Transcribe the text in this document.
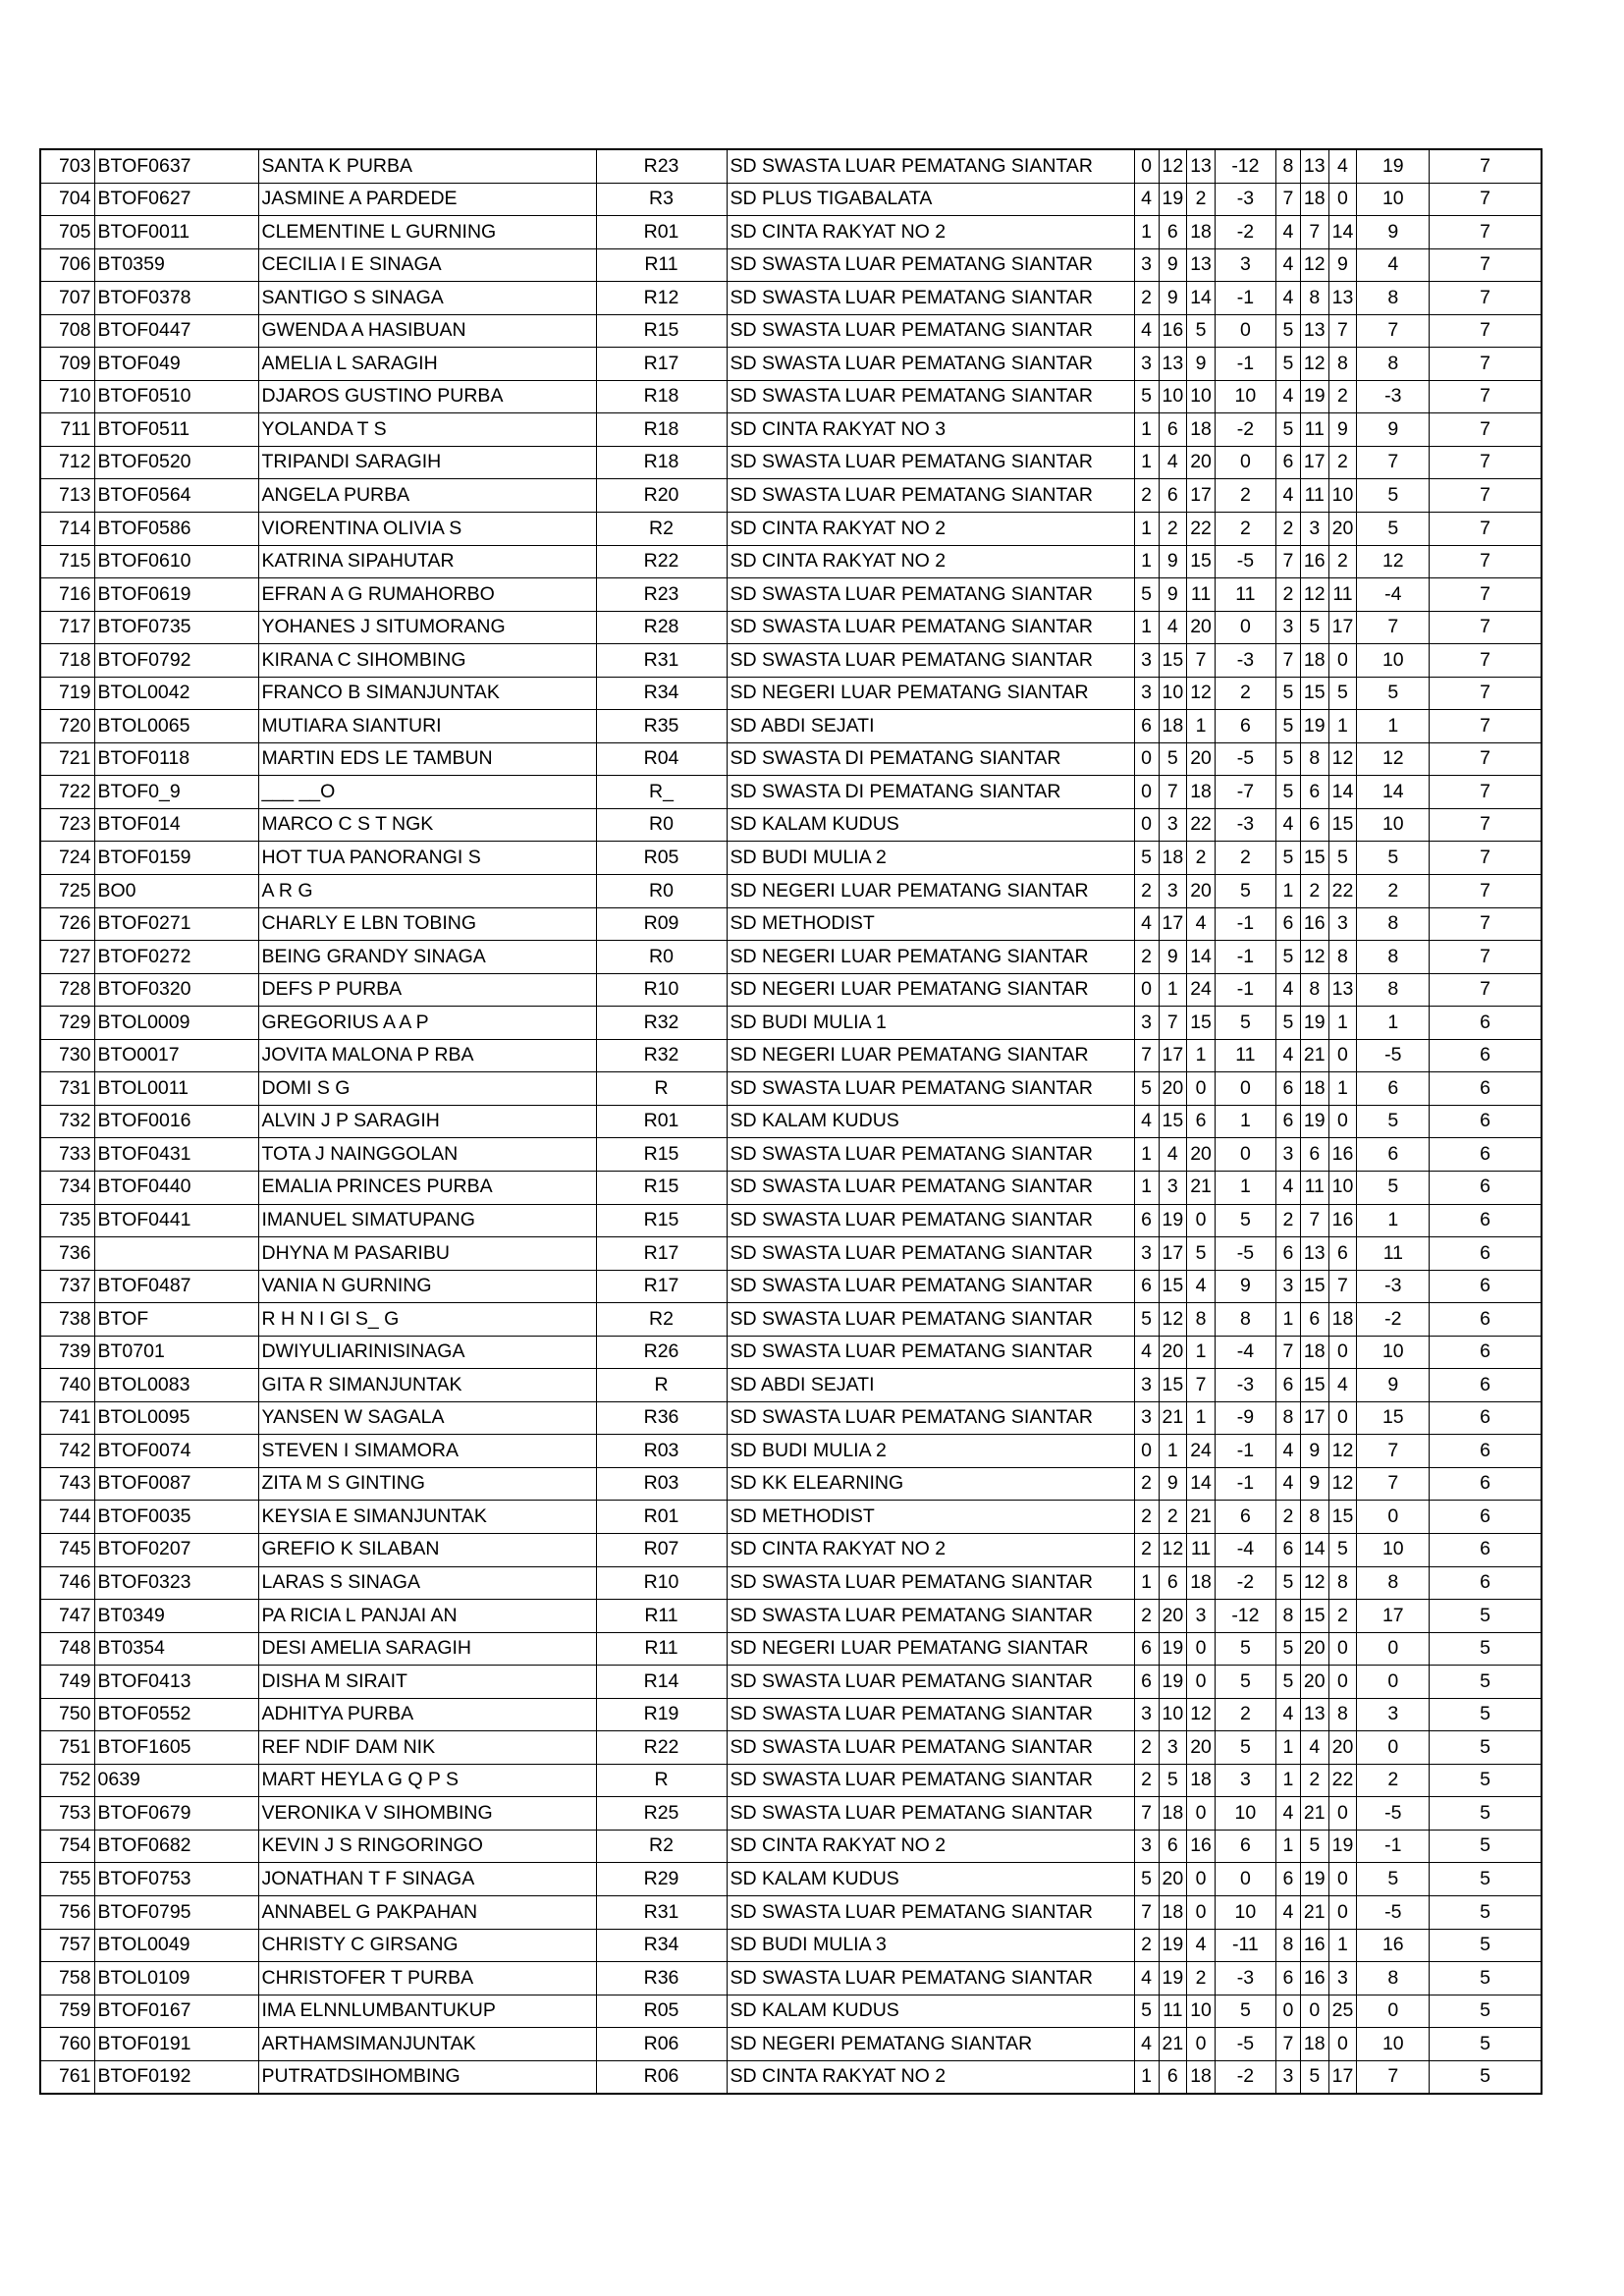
703	BTOF0637	SANTA K PURBA	R23	SD SWASTA LUAR PEMATANG SIANTAR	0	12	13	-12	8	13	4	19	7
704	BTOF0627	JASMINE A PARDEDE	R3	SD PLUS TIGABALATA	4	19	2	-3	7	18	0	10	7
705	BTOF0011	CLEMENTINE L GURNING	R01	SD CINTA RAKYAT NO 2	1	6	18	-2	4	7	14	9	7
706	BT0359	CECILIA I E SINAGA	R11	SD SWASTA LUAR PEMATANG SIANTAR	3	9	13	3	4	12	9	4	7
707	BTOF0378	SANTIGO S SINAGA	R12	SD SWASTA LUAR PEMATANG SIANTAR	2	9	14	-1	4	8	13	8	7
708	BTOF0447	GWENDA A HASIBUAN	R15	SD SWASTA LUAR PEMATANG SIANTAR	4	16	5	0	5	13	7	7	7
709	BTOF049	AMELIA L SARAGIH	R17	SD SWASTA LUAR PEMATANG SIANTAR	3	13	9	-1	5	12	8	8	7
710	BTOF0510	DJAROS GUSTINO PURBA	R18	SD SWASTA LUAR PEMATANG SIANTAR	5	10	10	10	4	19	2	-3	7
711	BTOF0511	YOLANDA T S	R18	SD CINTA RAKYAT NO 3	1	6	18	-2	5	11	9	9	7
712	BTOF0520	TRIPANDI SARAGIH	R18	SD SWASTA LUAR PEMATANG SIANTAR	1	4	20	0	6	17	2	7	7
713	BTOF0564	ANGELA PURBA	R20	SD SWASTA LUAR PEMATANG SIANTAR	2	6	17	2	4	11	10	5	7
714	BTOF0586	VIORENTINA OLIVIA S	R2	SD CINTA RAKYAT NO 2	1	2	22	2	2	3	20	5	7
715	BTOF0610	KATRINA SIPAHUTAR	R22	SD CINTA RAKYAT NO 2	1	9	15	-5	7	16	2	12	7
716	BTOF0619	EFRAN A G RUMAHORBO	R23	SD SWASTA LUAR PEMATANG SIANTAR	5	9	11	11	2	12	11	-4	7
717	BTOF0735	YOHANES J SITUMORANG	R28	SD SWASTA LUAR PEMATANG SIANTAR	1	4	20	0	3	5	17	7	7
718	BTOF0792	KIRANA C SIHOMBING	R31	SD SWASTA LUAR PEMATANG SIANTAR	3	15	7	-3	7	18	0	10	7
719	BTOL0042	FRANCO B SIMANJUNTAK	R34	SD NEGERI LUAR PEMATANG SIANTAR	3	10	12	2	5	15	5	5	7
720	BTOL0065	MUTIARA SIANTURI	R35	SD ABDI SEJATI	6	18	1	6	5	19	1	1	7
721	BTOF0118	MARTIN EDS LE TAMBUN	R04	SD SWASTA DI PEMATANG SIANTAR	0	5	20	-5	5	8	12	12	7
722	BTOF0_9	___ __O	R_	SD SWASTA DI PEMATANG SIANTAR	0	7	18	-7	5	6	14	14	7
723	BTOF014	MARCO C S T NGK	R0	SD KALAM KUDUS	0	3	22	-3	4	6	15	10	7
724	BTOF0159	HOT TUA PANORANGI S	R05	SD BUDI MULIA 2	5	18	2	2	5	15	5	5	7
725	BO0	A R G	R0	SD NEGERI LUAR PEMATANG SIANTAR	2	3	20	5	1	2	22	2	7
726	BTOF0271	CHARLY E LBN TOBING	R09	SD METHODIST	4	17	4	-1	6	16	3	8	7
727	BTOF0272	BEING GRANDY SINAGA	R0	SD NEGERI LUAR PEMATANG SIANTAR	2	9	14	-1	5	12	8	8	7
728	BTOF0320	DEFS P PURBA	R10	SD NEGERI LUAR PEMATANG SIANTAR	0	1	24	-1	4	8	13	8	7
729	BTOL0009	GREGORIUS A A P	R32	SD BUDI MULIA 1	3	7	15	5	5	19	1	1	6
730	BTO0017	JOVITA MALONA P RBA	R32	SD NEGERI LUAR PEMATANG SIANTAR	7	17	1	11	4	21	0	-5	6
731	BTOL0011	DOMI S G	R	SD SWASTA LUAR PEMATANG SIANTAR	5	20	0	0	6	18	1	6	6
732	BTOF0016	ALVIN J P SARAGIH	R01	SD KALAM KUDUS	4	15	6	1	6	19	0	5	6
733	BTOF0431	TOTA J NAINGGOLAN	R15	SD SWASTA LUAR PEMATANG SIANTAR	1	4	20	0	3	6	16	6	6
734	BTOF0440	EMALIA PRINCES PURBA	R15	SD SWASTA LUAR PEMATANG SIANTAR	1	3	21	1	4	11	10	5	6
735	BTOF0441	IMANUEL SIMATUPANG	R15	SD SWASTA LUAR PEMATANG SIANTAR	6	19	0	5	2	7	16	1	6
736		DHYNA M PASARIBU	R17	SD SWASTA LUAR PEMATANG SIANTAR	3	17	5	-5	6	13	6	11	6
737	BTOF0487	VANIA N GURNING	R17	SD SWASTA LUAR PEMATANG SIANTAR	6	15	4	9	3	15	7	-3	6
738	BTOF	R H N I GI S_ G	R2	SD SWASTA LUAR PEMATANG SIANTAR	5	12	8	8	1	6	18	-2	6
739	BT0701	DWIYULIARINISINAGA	R26	SD SWASTA LUAR PEMATANG SIANTAR	4	20	1	-4	7	18	0	10	6
740	BTOL0083	GITA R SIMANJUNTAK	R	SD ABDI SEJATI	3	15	7	-3	6	15	4	9	6
741	BTOL0095	YANSEN W SAGALA	R36	SD SWASTA LUAR PEMATANG SIANTAR	3	21	1	-9	8	17	0	15	6
742	BTOF0074	STEVEN I SIMAMORA	R03	SD BUDI MULIA 2	0	1	24	-1	4	9	12	7	6
743	BTOF0087	ZITA M S GINTING	R03	SD KK ELEARNING	2	9	14	-1	4	9	12	7	6
744	BTOF0035	KEYSIA E SIMANJUNTAK	R01	SD METHODIST	2	2	21	6	2	8	15	0	6
745	BTOF0207	GREFIO K SILABAN	R07	SD CINTA RAKYAT NO 2	2	12	11	-4	6	14	5	10	6
746	BTOF0323	LARAS S SINAGA	R10	SD SWASTA LUAR PEMATANG SIANTAR	1	6	18	-2	5	12	8	8	6
747	BT0349	PA RICIA L PANJAI AN	R11	SD SWASTA LUAR PEMATANG SIANTAR	2	20	3	-12	8	15	2	17	5
748	BT0354	DESI AMELIA SARAGIH	R11	SD NEGERI LUAR PEMATANG SIANTAR	6	19	0	5	5	20	0	0	5
749	BTOF0413	DISHA M SIRAIT	R14	SD SWASTA LUAR PEMATANG SIANTAR	6	19	0	5	5	20	0	0	5
750	BTOF0552	ADHITYA PURBA	R19	SD SWASTA LUAR PEMATANG SIANTAR	3	10	12	2	4	13	8	3	5
751	BTOF1605	REF NDIF DAM NIK	R22	SD SWASTA LUAR PEMATANG SIANTAR	2	3	20	5	1	4	20	0	5
752	0639	MART HEYLA G Q P S	R	SD SWASTA LUAR PEMATANG SIANTAR	2	5	18	3	1	2	22	2	5
753	BTOF0679	VERONIKA V SIHOMBING	R25	SD SWASTA LUAR PEMATANG SIANTAR	7	18	0	10	4	21	0	-5	5
754	BTOF0682	KEVIN J S RINGORINGO	R2	SD CINTA RAKYAT NO 2	3	6	16	6	1	5	19	-1	5
755	BTOF0753	JONATHAN T F SINAGA	R29	SD KALAM KUDUS	5	20	0	0	6	19	0	5	5
756	BTOF0795	ANNABEL G PAKPAHAN	R31	SD SWASTA LUAR PEMATANG SIANTAR	7	18	0	10	4	21	0	-5	5
757	BTOL0049	CHRISTY C GIRSANG	R34	SD BUDI MULIA 3	2	19	4	-11	8	16	1	16	5
758	BTOL0109	CHRISTOFER T PURBA	R36	SD SWASTA LUAR PEMATANG SIANTAR	4	19	2	-3	6	16	3	8	5
759	BTOF0167	IMA ELNNLUMBANTUKUP	R05	SD KALAM KUDUS	5	11	10	5	0	0	25	0	5
760	BTOF0191	ARTHAMSIMANJUNTAK	R06	SD NEGERI PEMATANG SIANTAR	4	21	0	-5	7	18	0	10	5
761	BTOF0192	PUTRATDSIHOMBING	R06	SD CINTA RAKYAT NO 2	1	6	18	-2	3	5	17	7	5
